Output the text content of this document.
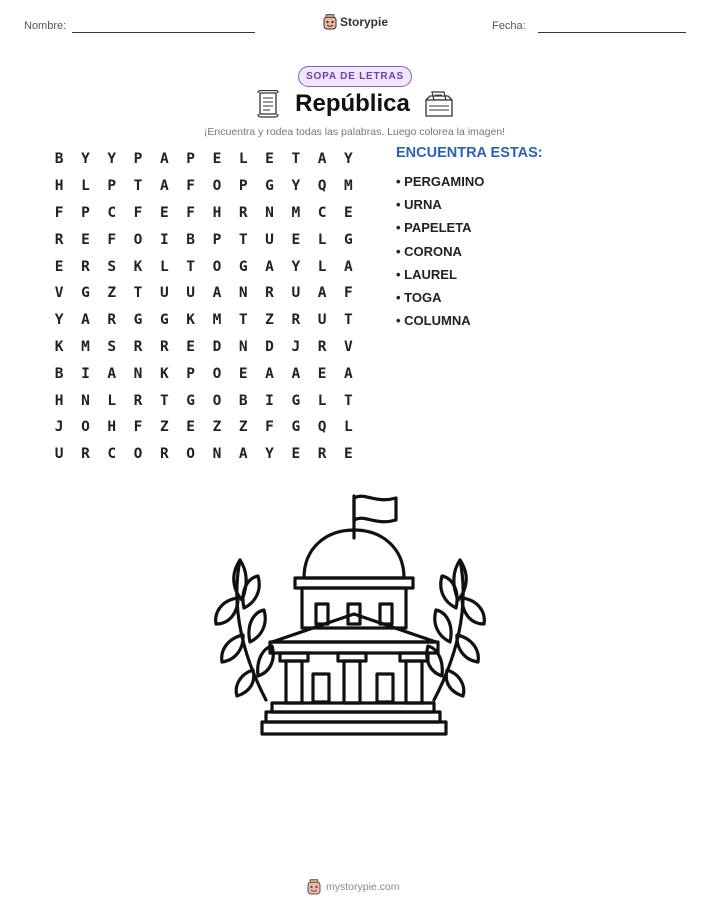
Nombre:	Storypie	Fecha:
SOPA DE LETRAS
República
¡Encuentra y rodea todas las palabras. Luego colorea la imagen!
B	Y	Y	P	A	P	E	L	E	T	A	Y
H	L	P	T	A	F	O	P	G	Y	Q	M
F	P	C	F	E	F	H	R	N	M	C	E
R	E	F	O	I	B	P	T	U	E	L	G
E	R	S	K	L	T	O	G	A	Y	L	A
V	G	Z	T	U	U	A	N	R	U	A	F
Y	A	R	G	G	K	M	T	Z	R	U	T
K	M	S	R	R	E	D	N	D	J	R	V
B	I	A	N	K	P	O	E	A	A	E	A
H	N	L	R	T	G	O	B	I	G	L	T
J	O	H	F	Z	E	Z	Z	F	G	Q	L
U	R	C	O	R	O	N	A	Y	E	R	E
ENCUENTRA ESTAS:
• PERGAMINO
• URNA
• PAPELETA
• CORONA
• LAUREL
• TOGA
• COLUMNA
mystorypie.com
